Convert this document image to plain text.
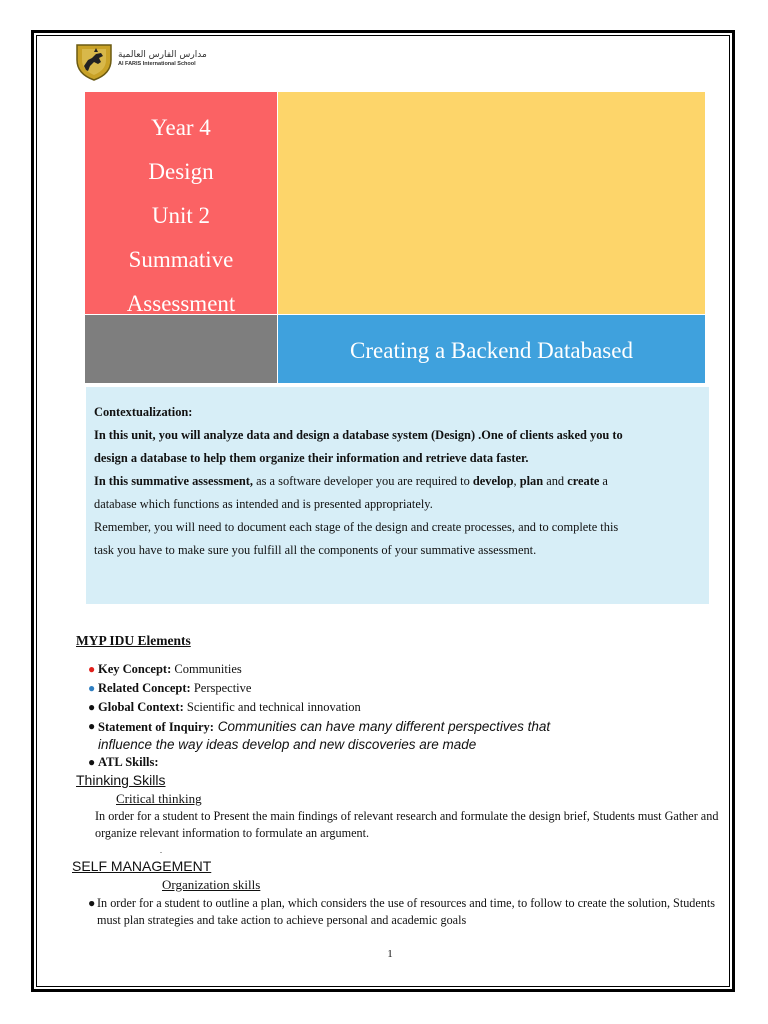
مدارس الفارس العالمية
Al FARIS International School
Year 4
Design
Unit 2
Summative
Assessment
Creating a Backend Databased

Contextualization:

In this unit, you will analyze data and design a database system (Design) .One of clients asked you to

design a database to help them organize their information and retrieve data faster.

In this summative assessment, as a software developer you are required to develop, plan and create a

database which functions as intended and is presented appropriately.

Remember, you will need to document each stage of the design and create processes, and to complete this

task you have to make sure you fulfill all the components of your summative assessment.

MYP IDU Elements
● Key Concept: Communities
● Related Concept: Perspective
● Global Context: Scientific and technical innovation
● Statement of Inquiry: Communities can have many different perspectives that
influence the way ideas develop and new discoveries are made
● ATL Skills:
Thinking Skills
Critical thinking
In order for a student to Present the main findings of relevant research and formulate the design brief, Students must Gather and organize relevant information to formulate an argument.
.
SELF MANAGEMENT
Organization skills
● In order for a student to outline a plan, which considers the use of resources and time, to follow to create the solution, Students must plan strategies and take action to achieve personal and academic goals
1
